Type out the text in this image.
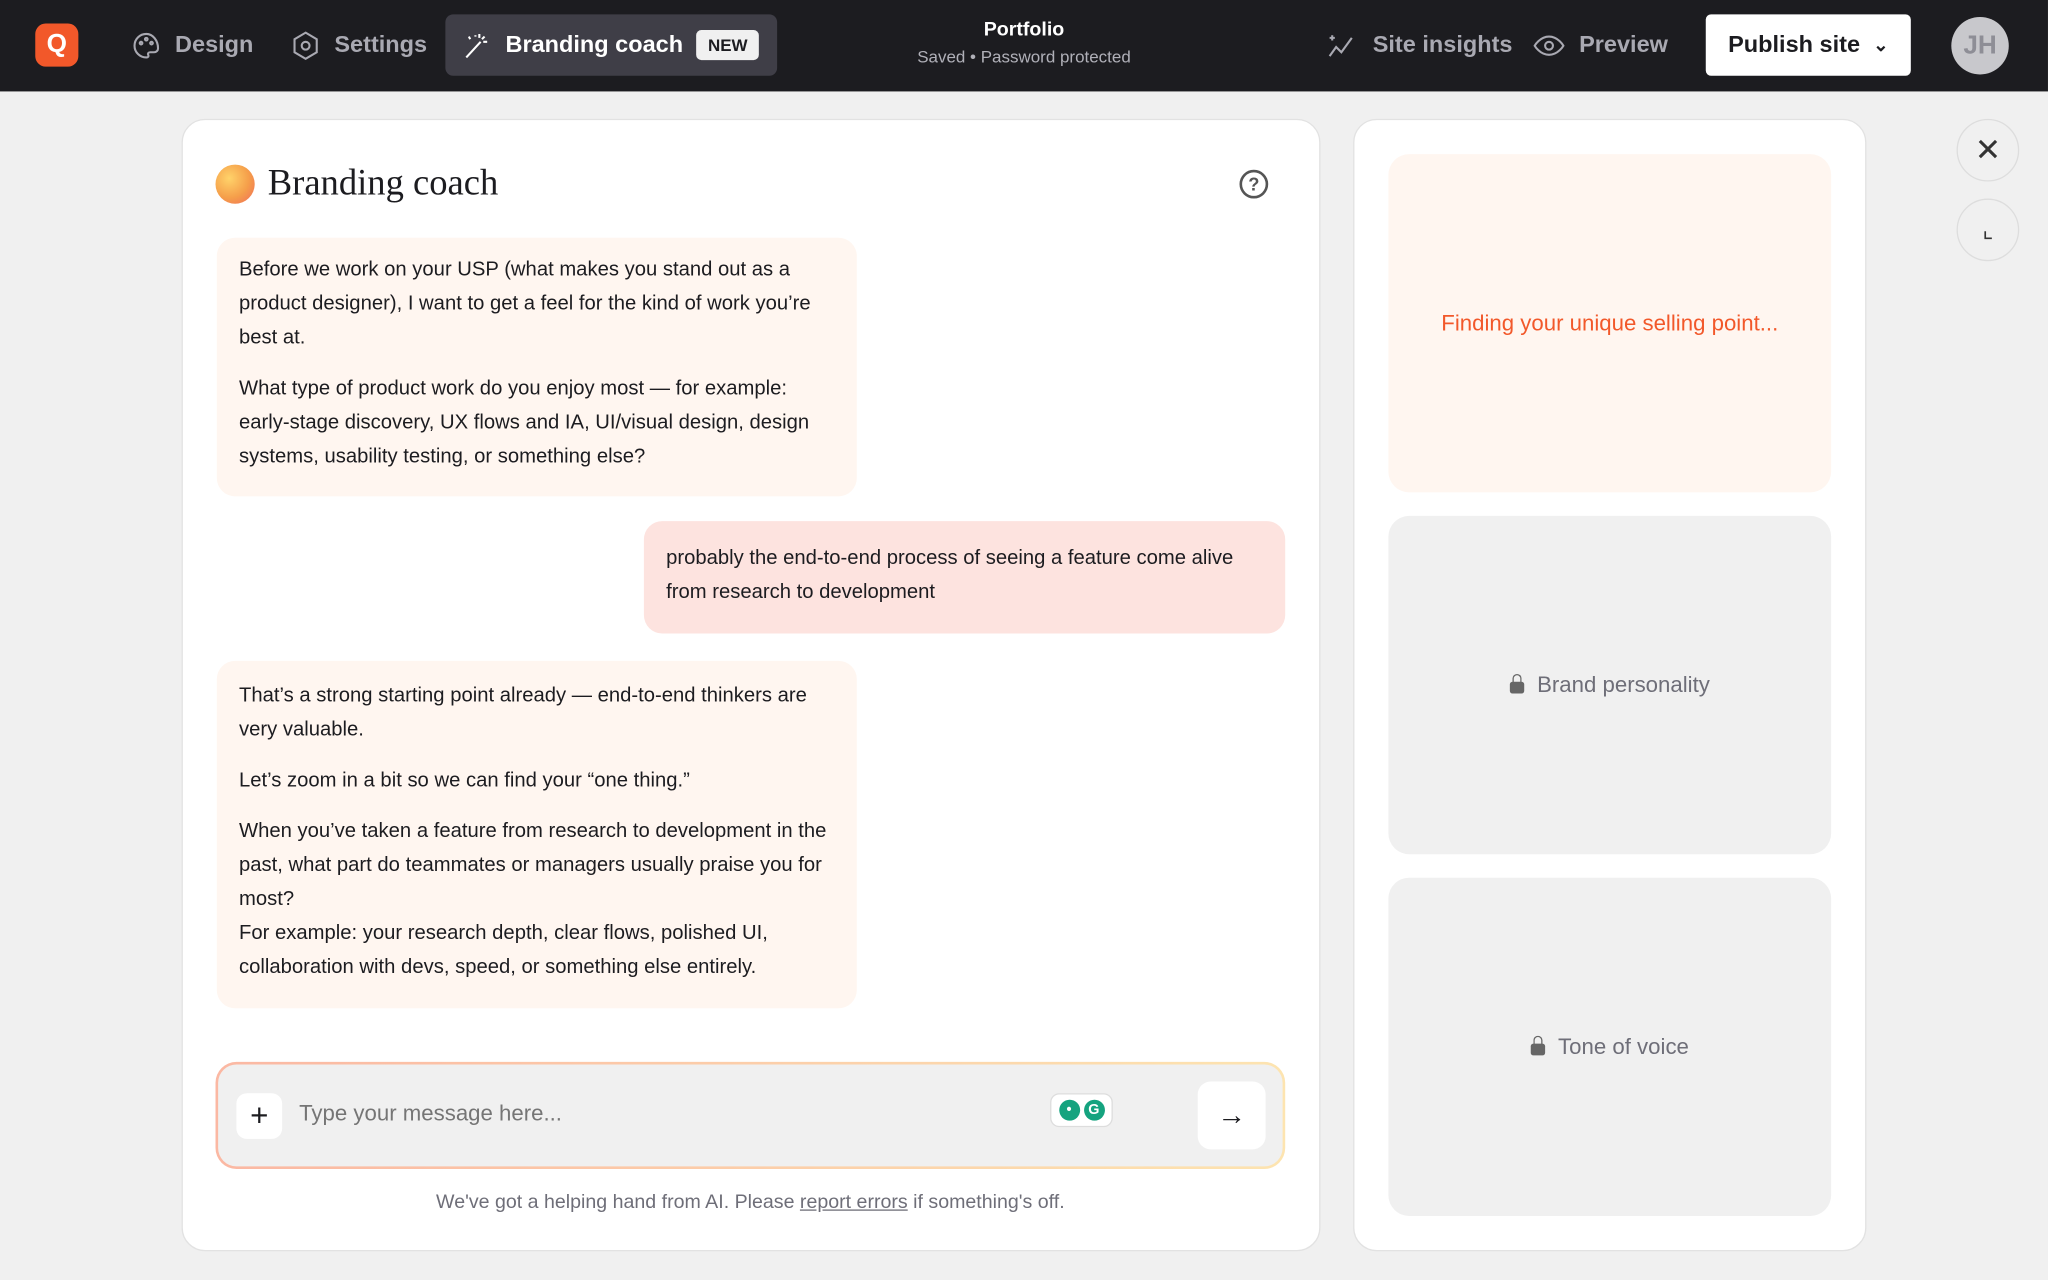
Q	Design	Settings	Branding coach	NEW
Portfolio
Saved • Password protected	Site insights	Preview	Publish site ⌄	JH
Branding coach	?

Before we work on your USP (what makes you stand out as a product designer), I want to get a feel for the kind of work you’re best at.

What type of product work do you enjoy most — for example: early-stage discovery, UX flows and IA, UI/visual design, design systems, usability testing, or something else?

probably the end-to-end process of seeing a feature come alive from research to development

That’s a strong starting point already — end-to-end thinkers are very valuable.

Let’s zoom in a bit so we can find your “one thing.”

When you’ve taken a feature from research to development in the past, what part do teammates or managers usually praise you for most?

For example: your research depth, clear flows, polished UI, collaboration with devs, speed, or something else entirely.

+
Type your message here...	•	G	→
We've got a helping hand from AI. Please report errors if something's off.
Finding your unique selling point...
Brand personality
Tone of voice
✕
⌞
